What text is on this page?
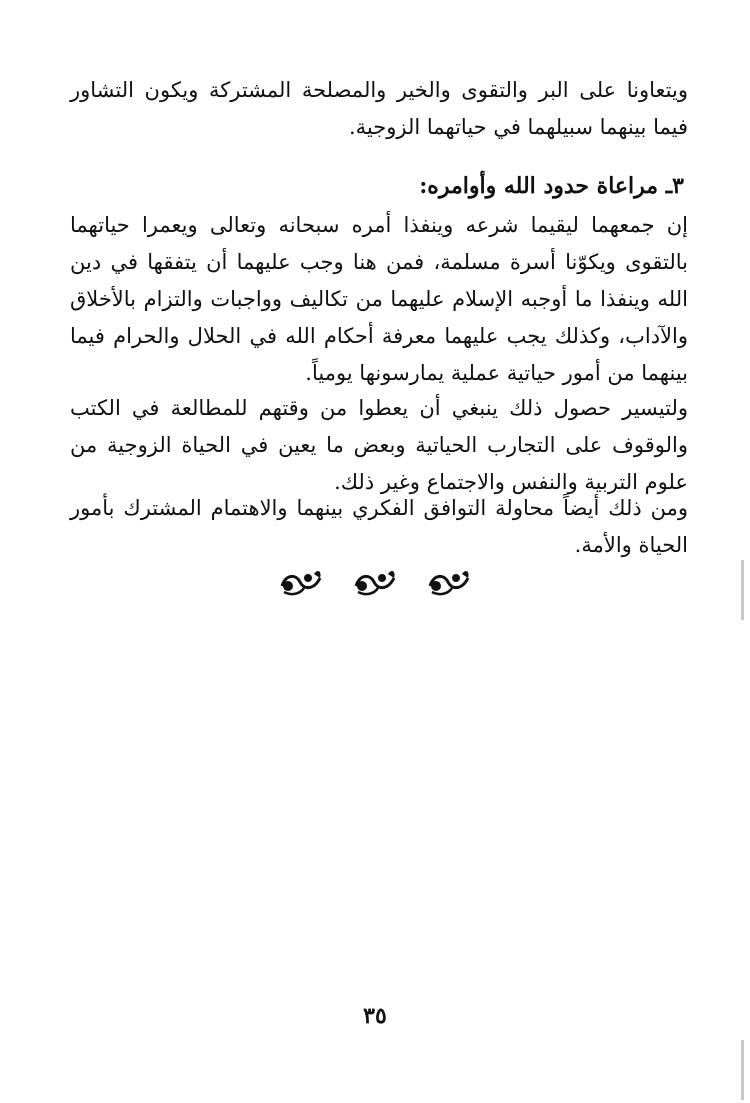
ويتعاونا على البر والتقوى والخير والمصلحة المشتركة ويكون التشاور فيما بينهما سبيلهما في حياتهما الزوجية.

٣ـ مراعاة حدود الله وأوامره:

إن جمعهما ليقيما شرعه وينفذا أمره سبحانه وتعالى ويعمرا حياتهما بالتقوى ويكوّنا أسرة مسلمة، فمن هنا وجب عليهما أن يتفقها في دين الله وينفذا ما أوجبه الإسلام عليهما من تكاليف وواجبات والتزام بالأخلاق والآداب، وكذلك يجب عليهما معرفة أحكام الله في الحلال والحرام فيما بينهما من أمور حياتية عملية يمارسونها يومياً.

ولتيسير حصول ذلك ينبغي أن يعطوا من وقتهم للمطالعة في الكتب والوقوف على التجارب الحياتية وبعض ما يعين في الحياة الزوجية من علوم التربية والنفس والاجتماع وغير ذلك.

ومن ذلك أيضاً محاولة التوافق الفكري بينهما والاهتمام المشترك بأمور الحياة والأمة.

٣٥
